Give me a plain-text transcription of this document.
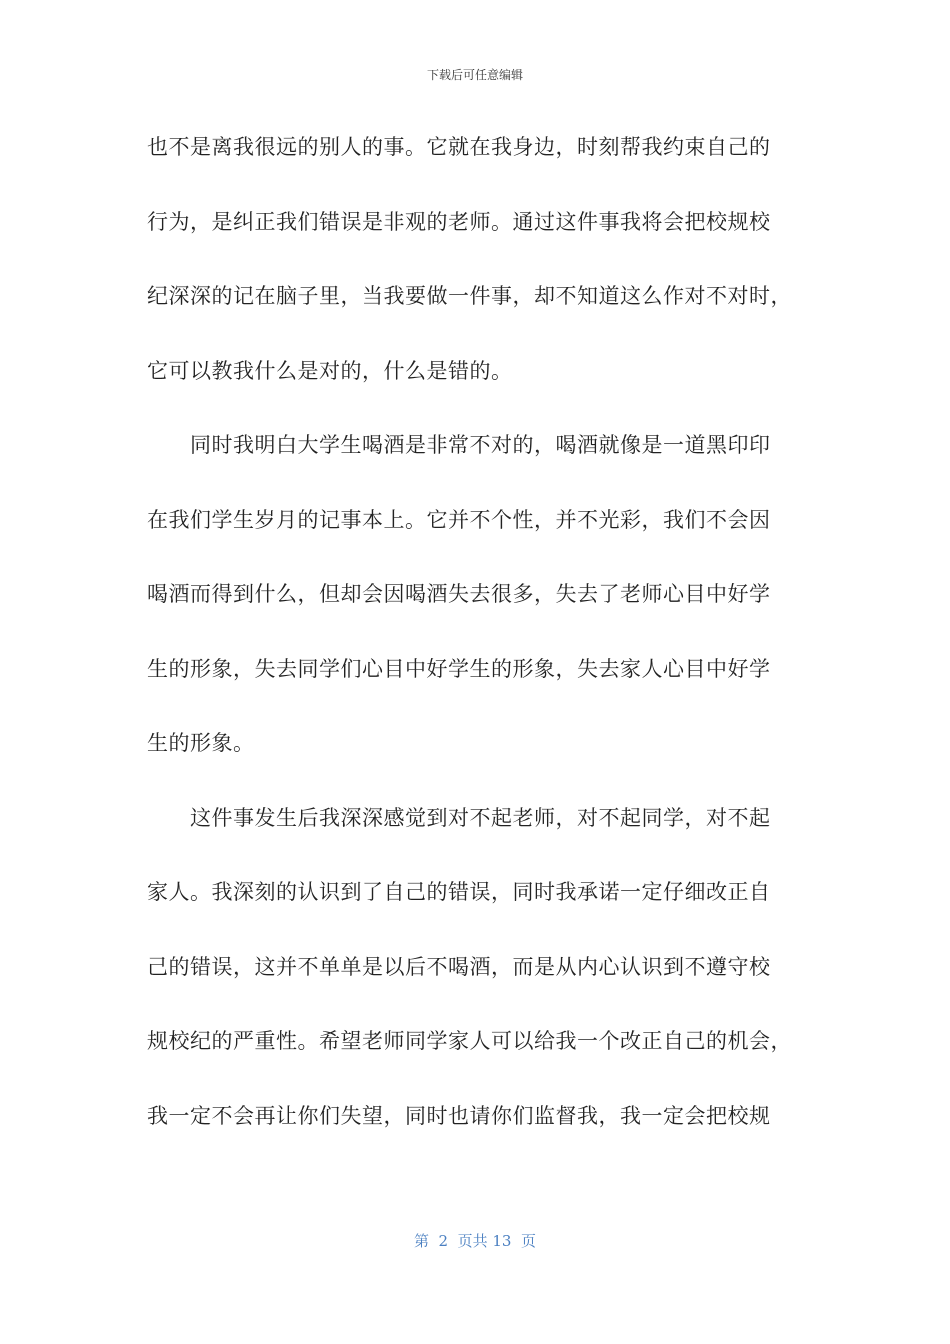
下载后可任意编辑
也不是离我很远的别人的事。它就在我身边，时刻帮我约束自己的
行为，是纠正我们错误是非观的老师。通过这件事我将会把校规校
纪深深的记在脑子里，当我要做一件事，却不知道这么作对不对时，
它可以教我什么是对的，什么是错的。
同时我明白大学生喝酒是非常不对的，喝酒就像是一道黑印印
在我们学生岁月的记事本上。它并不个性，并不光彩，我们不会因
喝酒而得到什么，但却会因喝酒失去很多，失去了老师心目中好学
生的形象，失去同学们心目中好学生的形象，失去家人心目中好学
生的形象。
这件事发生后我深深感觉到对不起老师，对不起同学，对不起
家人。我深刻的认识到了自己的错误，同时我承诺一定仔细改正自
己的错误，这并不单单是以后不喝酒，而是从内心认识到不遵守校
规校纪的严重性。希望老师同学家人可以给我一个改正自己的机会，
我一定不会再让你们失望，同时也请你们监督我，我一定会把校规
第  2  页共 13  页
